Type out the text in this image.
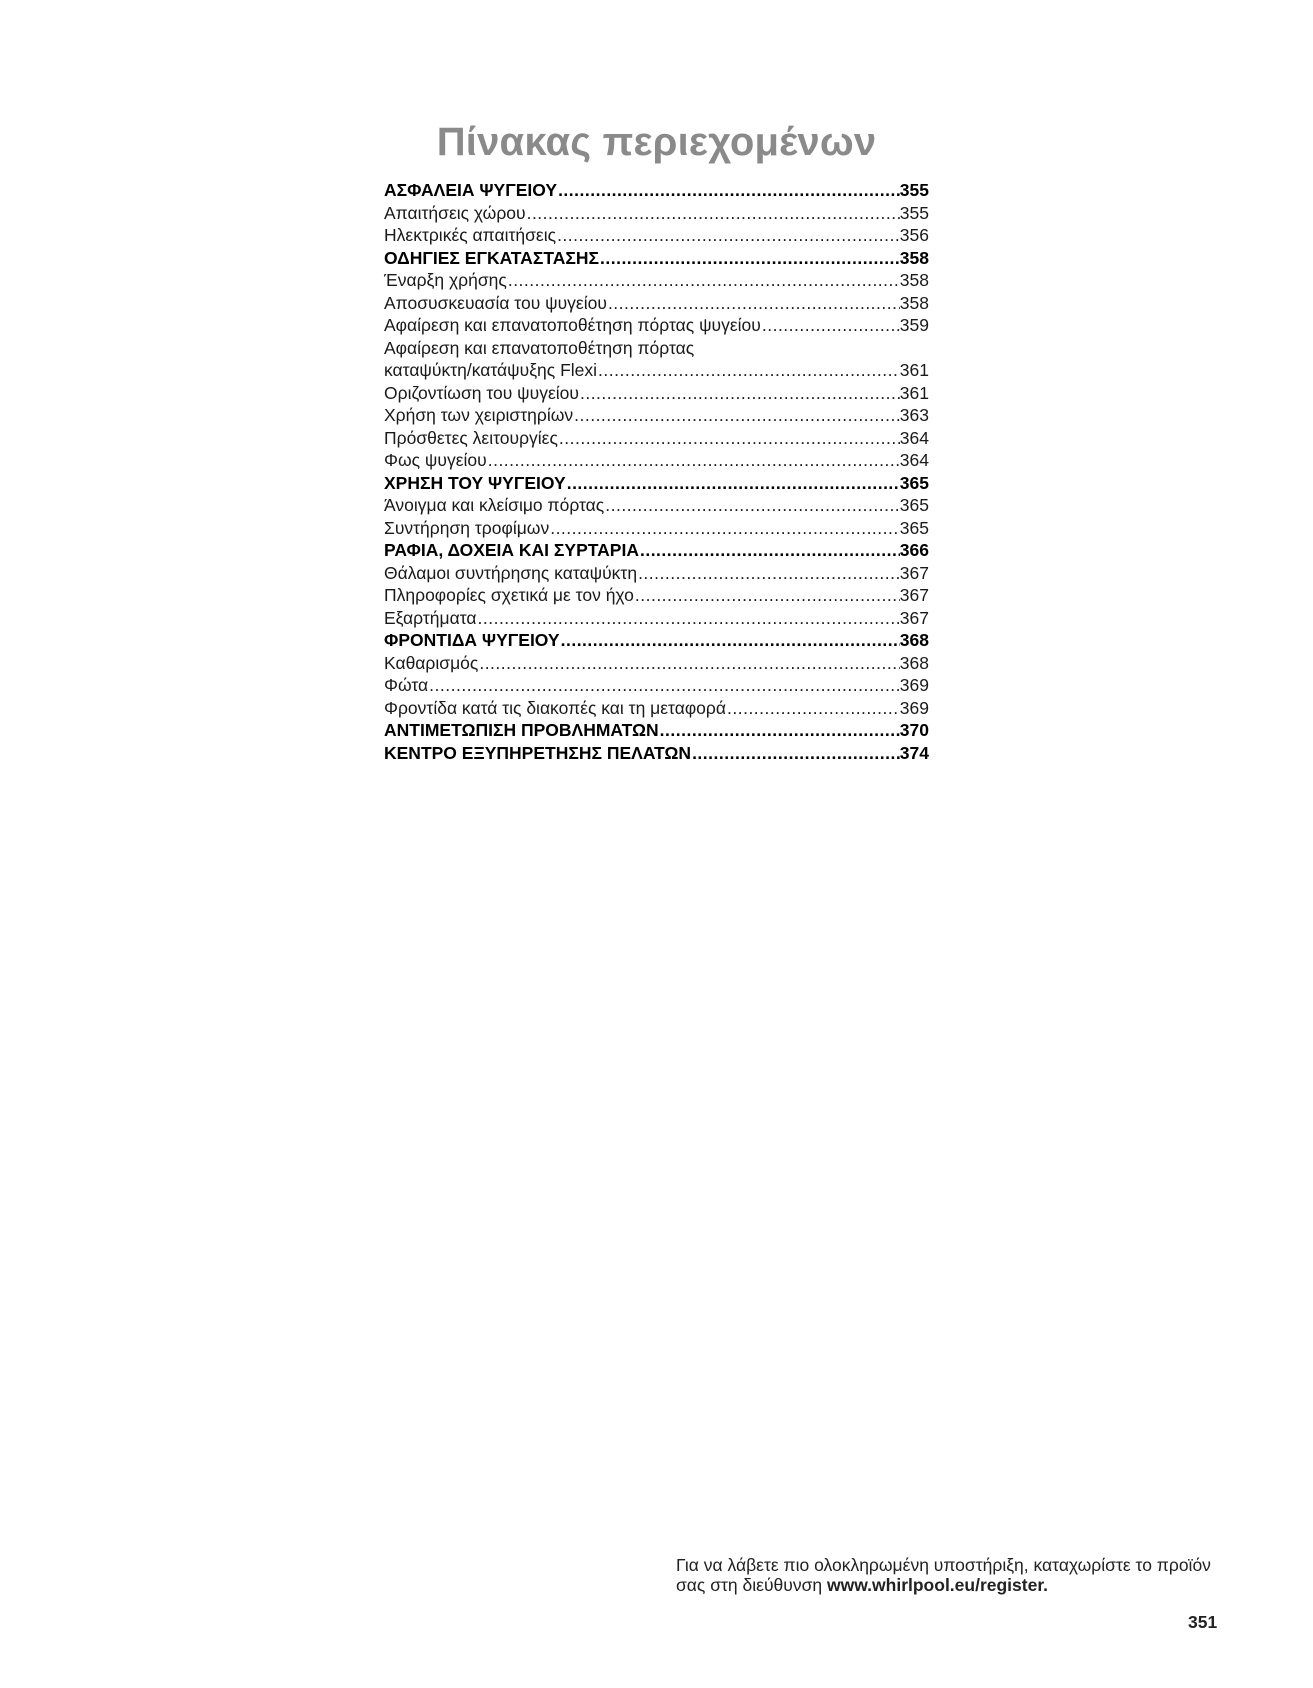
Πίνακας περιεχομένων
ΑΣΦΑΛΕΙΑ ΨΥΓΕΙΟΥ .....	355
Απαιτήσεις χώρου .....	355
Ηλεκτρικές απαιτήσεις .....	356
ΟΔΗΓΙΕΣ ΕΓΚΑΤΑΣΤΑΣΗΣ .....	358
Έναρξη χρήσης .....	358
Αποσυσκευασία του ψυγείου .....	358
Αφαίρεση και επανατοποθέτηση πόρτας ψυγείου .....	359
Αφαίρεση και επανατοποθέτηση πόρτας
καταψύκτη/κατάψυξης Flexi .....	361
Οριζοντίωση του ψυγείου .....	361
Χρήση των χειριστηρίων .....	363
Πρόσθετες λειτουργίες .....	364
Φως ψυγείου .....	364
ΧΡΗΣΗ ΤΟΥ ΨΥΓΕΙΟΥ .....	365
Άνοιγμα και κλείσιμο πόρτας .....	365
Συντήρηση τροφίμων .....	365
ΡΑΦΙΑ, ΔΟΧΕΙΑ ΚΑΙ ΣΥΡΤΑΡΙΑ .....	366
Θάλαμοι συντήρησης καταψύκτη .....	367
Πληροφορίες σχετικά με τον ήχο .....	367
Εξαρτήματα .....	367
ΦΡΟΝΤΙΔΑ ΨΥΓΕΙΟΥ .....	368
Καθαρισμός .....	368
Φώτα .....	369
Φροντίδα κατά τις διακοπές και τη μεταφορά .....	369
ΑΝΤΙΜΕΤΩΠΙΣΗ ΠΡΟΒΛΗΜΑΤΩΝ .....	370
ΚΕΝΤΡΟ ΕΞΥΠΗΡΕΤΗΣΗΣ ΠΕΛΑΤΩΝ .....	374
Για να λάβετε πιο ολοκληρωμένη υποστήριξη, καταχωρίστε το προϊόν σας στη διεύθυνση www.whirlpool.eu/register.
351
